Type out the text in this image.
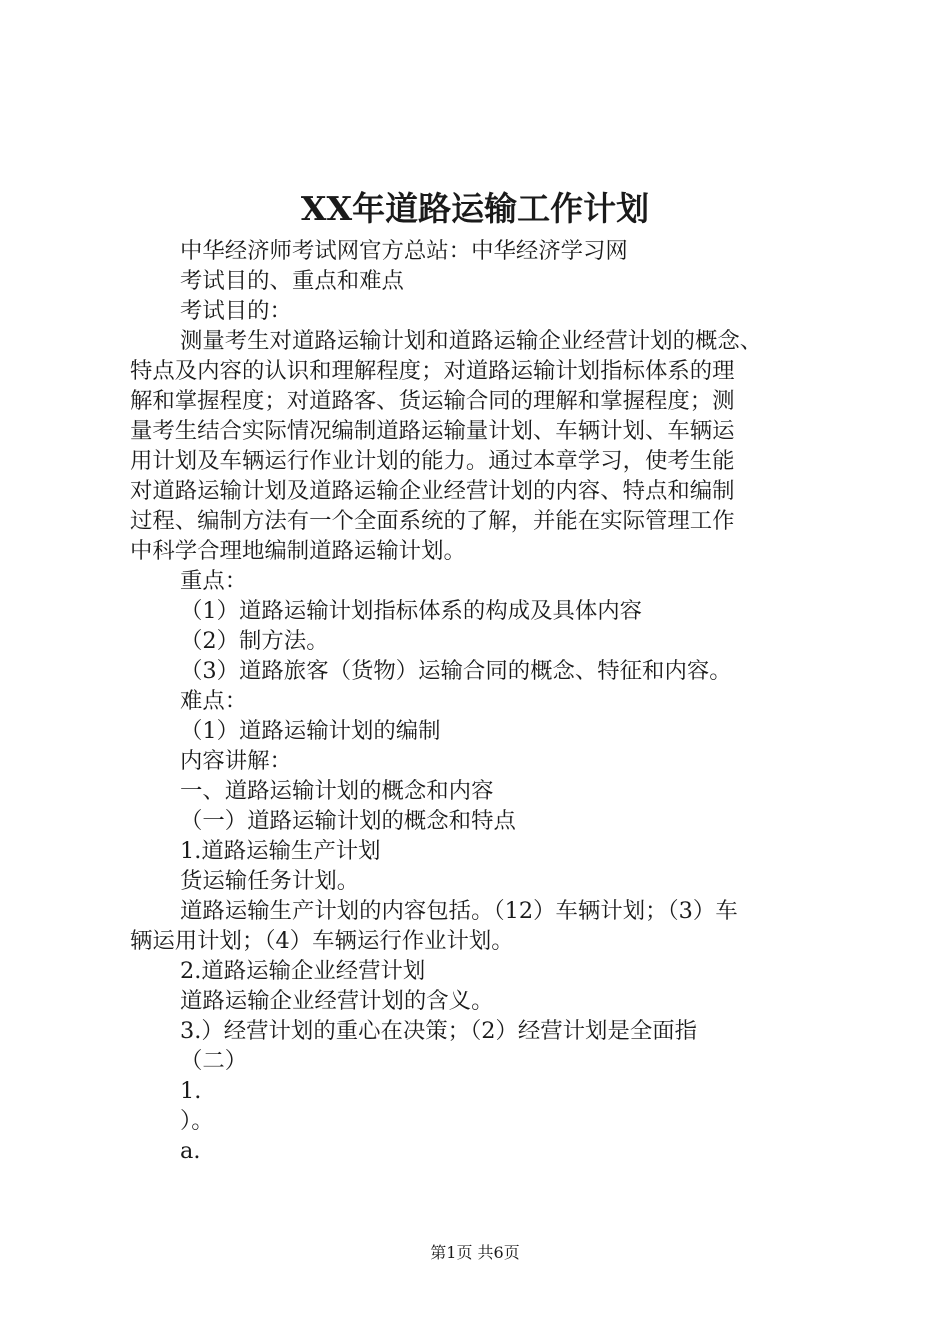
XX年道路运输工作计划

中华经济师考试网官方总站：中华经济学习网

考试目的、重点和难点

考试目的：

测量考生对道路运输计划和道路运输企业经营计划的概念、

特点及内容的认识和理解程度；对道路运输计划指标体系的理

解和掌握程度；对道路客、货运输合同的理解和掌握程度；测

量考生结合实际情况编制道路运输量计划、车辆计划、车辆运

用计划及车辆运行作业计划的能力。通过本章学习，使考生能

对道路运输计划及道路运输企业经营计划的内容、特点和编制

过程、编制方法有一个全面系统的了解，并能在实际管理工作

中科学合理地编制道路运输计划。

重点：

（1）道路运输计划指标体系的构成及具体内容

（2）制方法。

（3）道路旅客（货物）运输合同的概念、特征和内容。

难点：

（1）道路运输计划的编制

内容讲解：

一、道路运输计划的概念和内容

（一）道路运输计划的概念和特点

1.道路运输生产计划

货运输任务计划。

道路运输生产计划的内容包括。（12）车辆计划；（3）车

辆运用计划；（4）车辆运行作业计划。

2.道路运输企业经营计划

道路运输企业经营计划的含义。

3.）经营计划的重心在决策；（2）经营计划是全面指

（二）

1.

）。

a.

第1页 共6页
